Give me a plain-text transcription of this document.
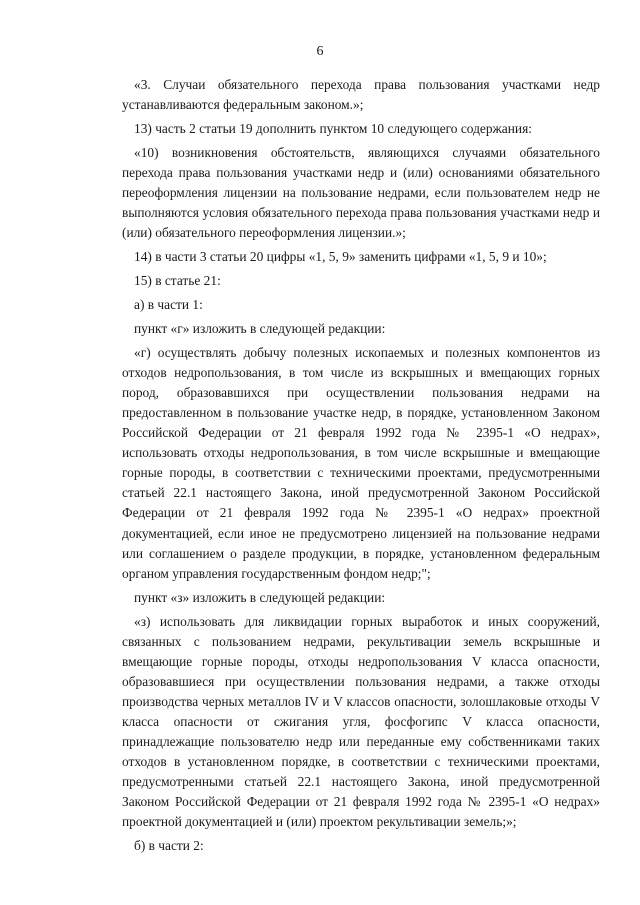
6

«3. Случаи обязательного перехода права пользования участками недр устанавливаются федеральным законом.»;

13) часть 2 статьи 19 дополнить пунктом 10 следующего содержания:

«10) возникновения обстоятельств, являющихся случаями обязательного перехода права пользования участками недр и (или) основаниями обязательного переоформления лицензии на пользование недрами, если пользователем недр не выполняются условия обязательного перехода права пользования участками недр и (или) обязательного переоформления лицензии.»;

14) в части 3 статьи 20 цифры «1, 5, 9» заменить цифрами «1, 5, 9 и 10»;

15) в статье 21:

а) в части 1:

пункт «г» изложить в следующей редакции:

«г) осуществлять добычу полезных ископаемых и полезных компонентов из отходов недропользования, в том числе из вскрышных и вмещающих горных пород, образовавшихся при осуществлении пользования недрами на предоставленном в пользование участке недр, в порядке, установленном Законом Российской Федерации от 21 февраля 1992 года № 2395-1 «О недрах», использовать отходы недропользования, в том числе вскрышные и вмещающие горные породы, в соответствии с техническими проектами, предусмотренными статьей 22.1 настоящего Закона, иной предусмотренной Законом Российской Федерации от 21 февраля 1992 года № 2395-1 «О недрах» проектной документацией, если иное не предусмотрено лицензией на пользование недрами или соглашением о разделе продукции, в порядке, установленном федеральным органом управления государственным фондом недр;";

пункт «з» изложить в следующей редакции:

«з) использовать для ликвидации горных выработок и иных сооружений, связанных с пользованием недрами, рекультивации земель вскрышные и вмещающие горные породы, отходы недропользования V класса опасности, образовавшиеся при осуществлении пользования недрами, а также отходы производства черных металлов IV и V классов опасности, золошлаковые отходы V класса опасности от сжигания угля, фосфогипс V класса опасности, принадлежащие пользователю недр или переданные ему собственниками таких отходов в установленном порядке, в соответствии с техническими проектами, предусмотренными статьей 22.1 настоящего Закона, иной предусмотренной Законом Российской Федерации от 21 февраля 1992 года № 2395-1 «О недрах» проектной документацией и (или) проектом рекультивации земель;»;

б) в части 2:
